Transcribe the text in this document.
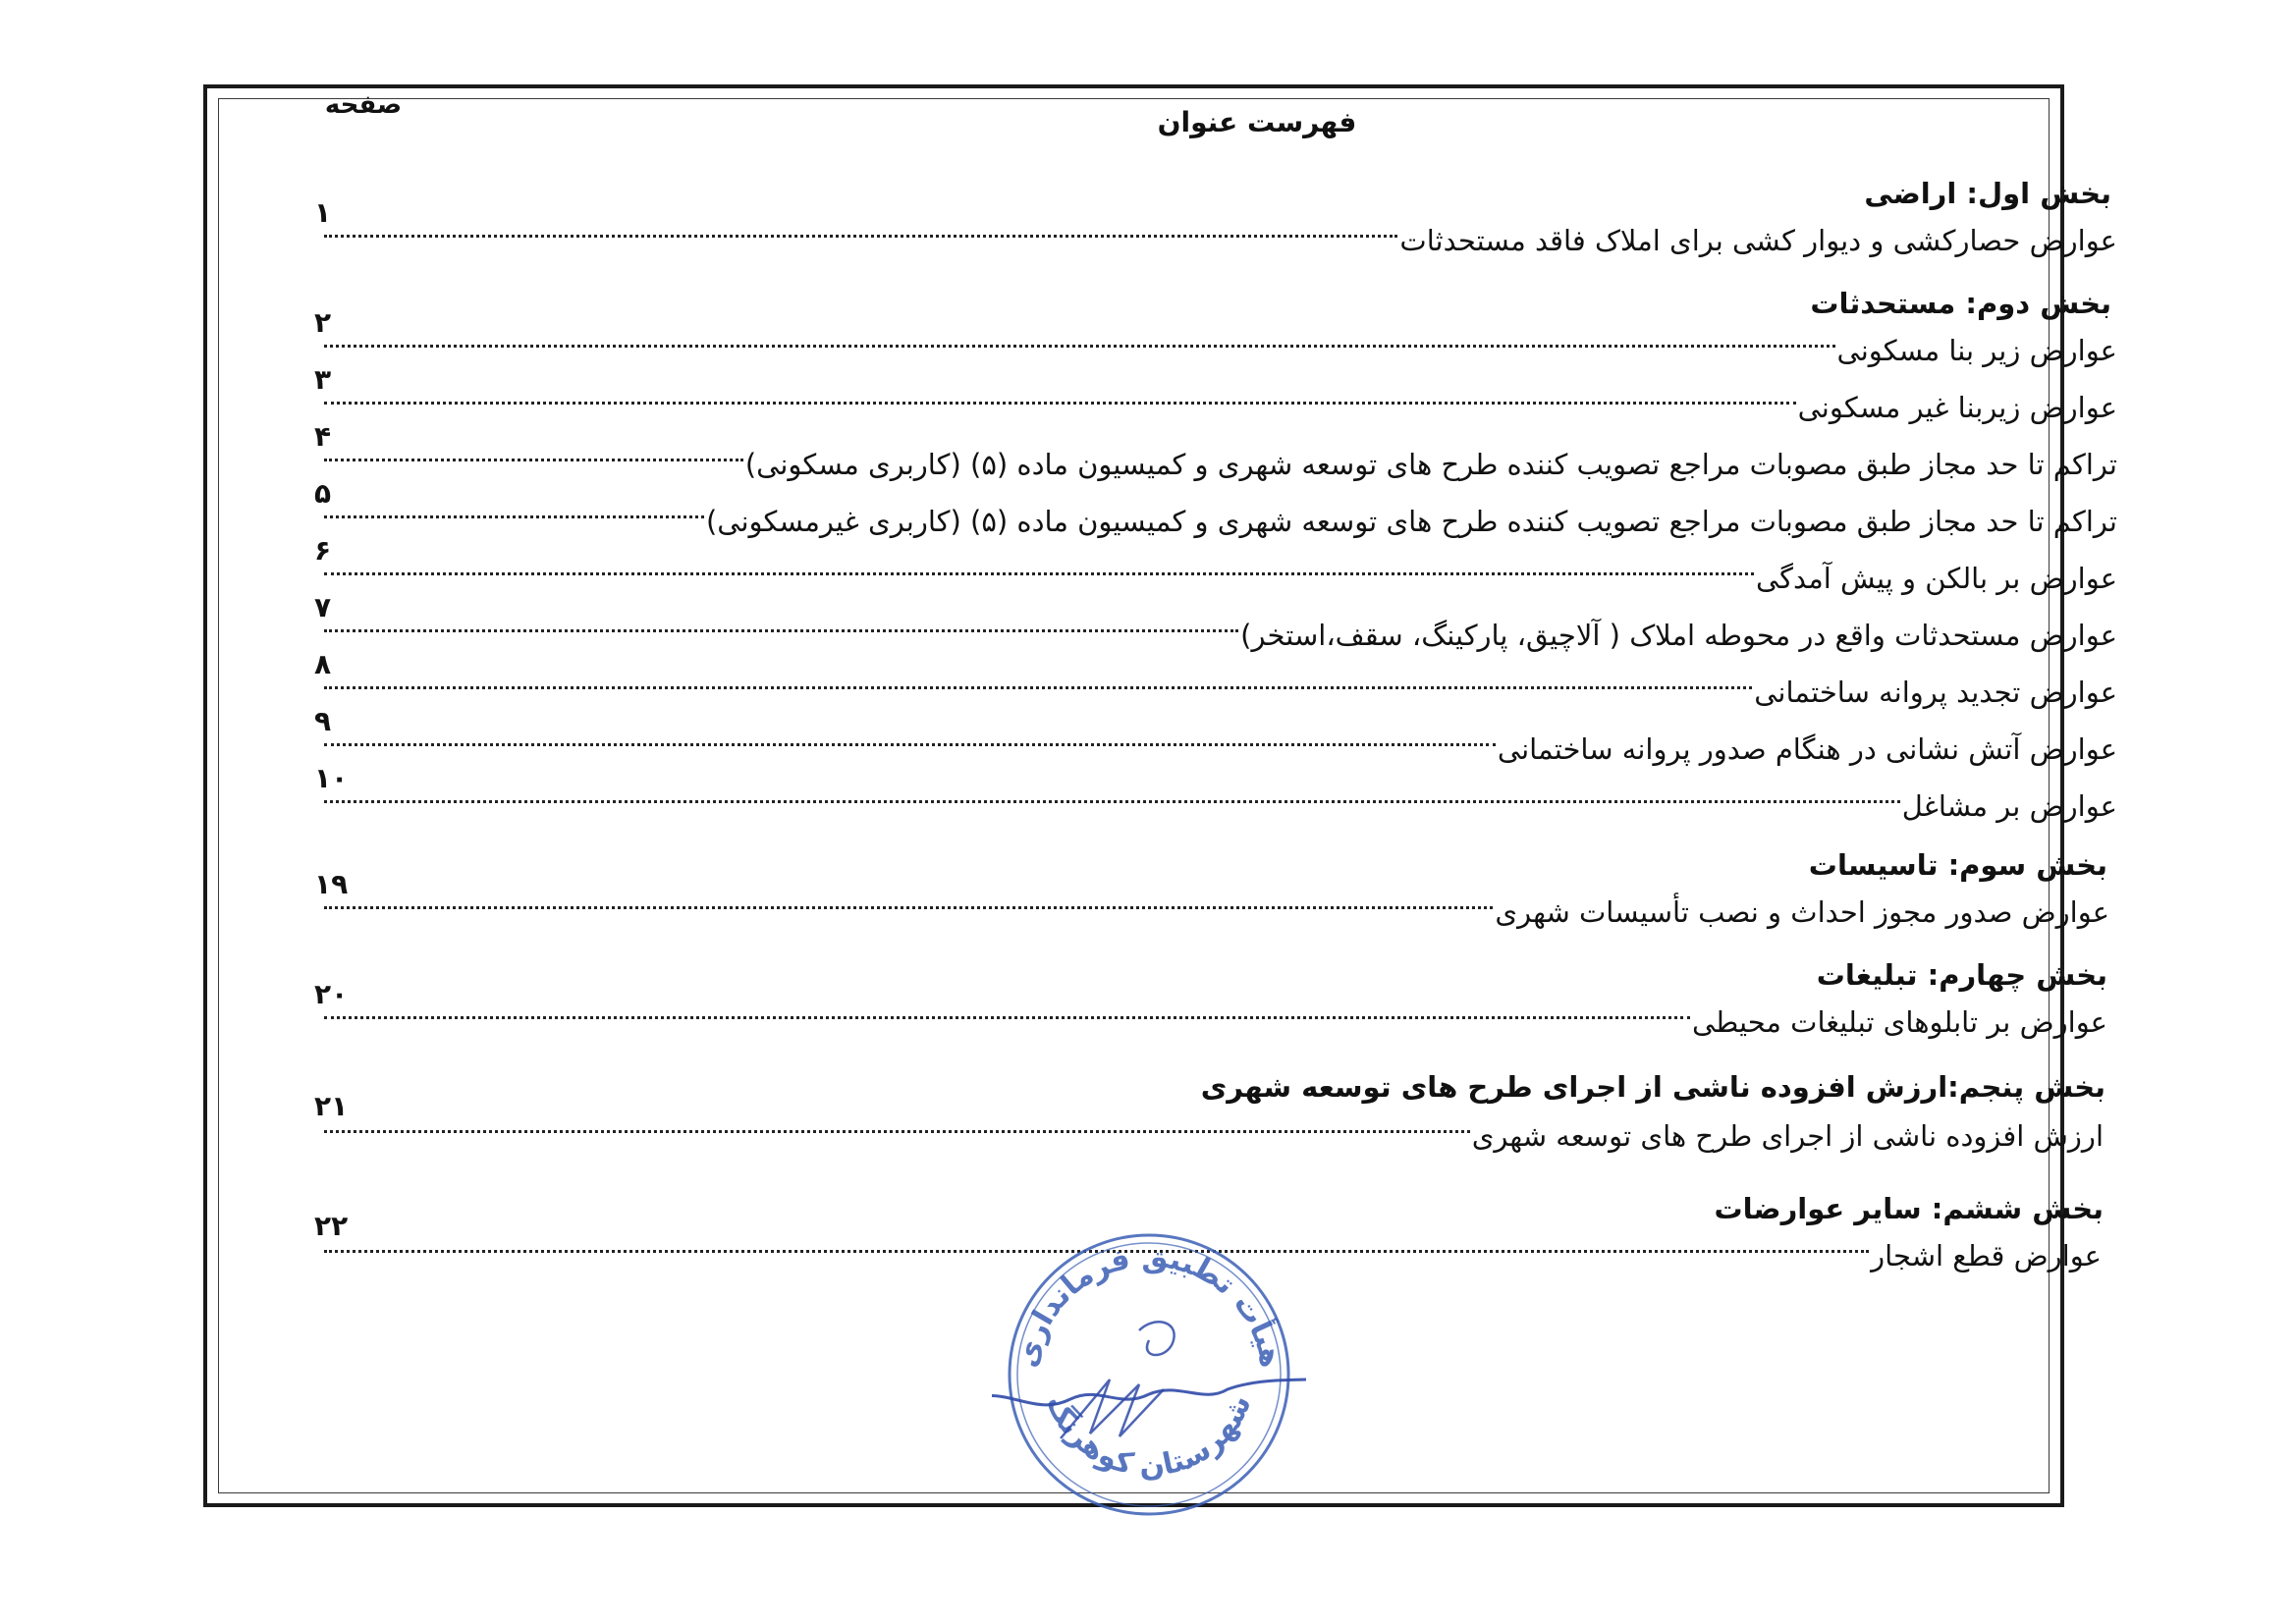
صفحه
فهرست عنوان
بخش اول: اراضی
عوارض حصارکشی و دیوار کشی برای املاک فاقد مستحدثات
۱
بخش دوم: مستحدثات
عوارض زیر بنا مسکونی
۲
عوارض زیربنا غیر مسکونی
۳
تراکم تا حد مجاز طبق مصوبات مراجع تصویب کننده طرح های توسعه شهری و کمیسیون ماده (۵) (کاربری مسکونی)
۴
تراکم تا حد مجاز طبق مصوبات مراجع تصویب کننده طرح های توسعه شهری و کمیسیون ماده (۵) (کاربری غیرمسکونی)
۵
عوارض بر بالکن و پیش آمدگی
۶
عوارض مستحدثات واقع در محوطه املاک ( آلاچیق، پارکینگ، سقف،استخر)
۷
عوارض تجدید پروانه ساختمانی
۸
عوارض آتش نشانی در هنگام صدور پروانه ساختمانی
۹
عوارض بر مشاغل
۱۰
بخش سوم: تاسیسات
عوارض صدور مجوز احداث و نصب تأسیسات شهری
۱۹
بخش چهارم: تبلیغات
عوارض بر تابلوهای تبلیغات محیطی
۲۰
بخش پنجم:ارزش افزوده ناشی از اجرای طرح های توسعه شهری
ارزش افزوده ناشی از اجرای طرح های توسعه شهری
۲۱
بخش ششم: سایر عوارضات
عوارض قطع اشجار
۲۲
هیأت تطبیق فرمانداری
شهرستان کوهرنگ
